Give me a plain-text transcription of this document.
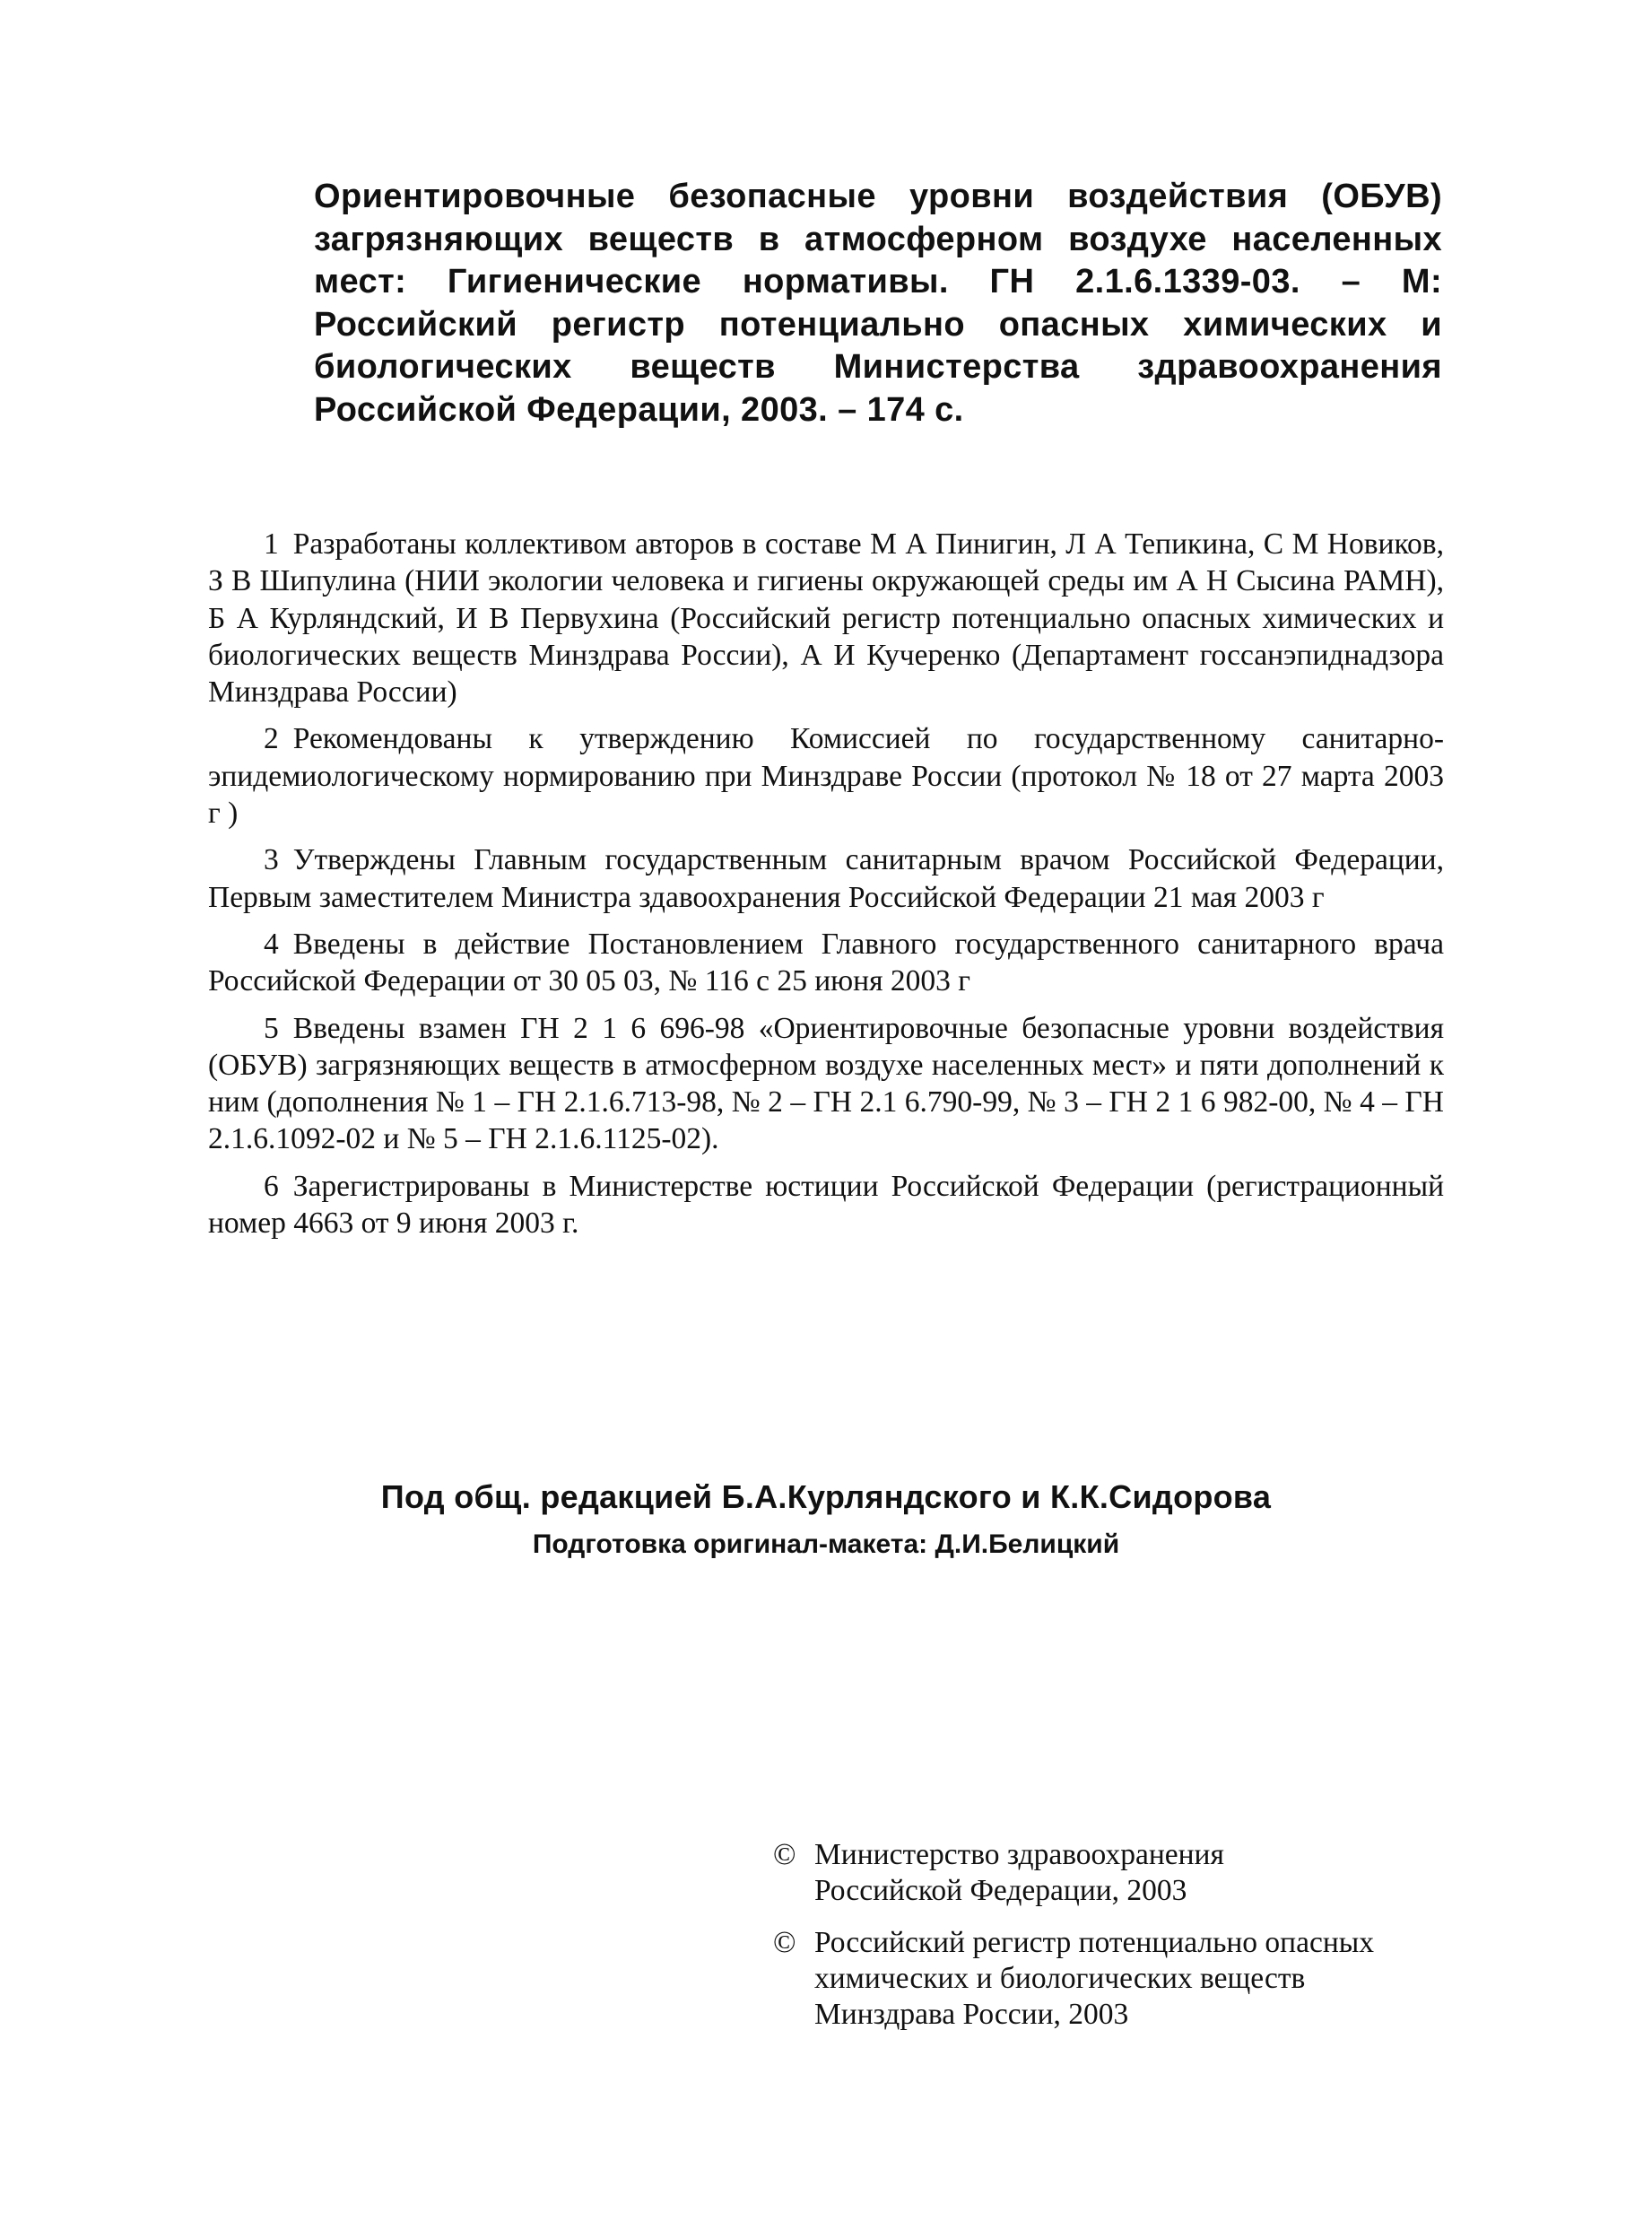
Ориентировочные безопасные уровни воздействия (ОБУВ) загрязняющих веществ в атмосферном воздухе населенных мест: Гигиенические нормативы. ГН 2.1.6.1339-03. – М: Российский регистр потенциально опасных химических и биологических веществ Министерства здравоохранения Российской Федерации, 2003. – 174 с.

1 Разработаны коллективом авторов в составе М А Пинигин, Л А Тепикина, С М Новиков, З В Шипулина (НИИ экологии человека и гигиены окружающей среды им А Н Сысина РАМН), Б А Курляндский, И В Первухина (Российский регистр потенциально опасных химических и биологических веществ Минздрава России), А И Кучеренко (Департамент госсанэпиднадзора Минздрава России)

2 Рекомендованы к утверждению Комиссией по государственному санитарно-эпидемиологическому нормированию при Минздраве России (протокол № 18 от 27 марта 2003 г )

3 Утверждены Главным государственным санитарным врачом Российской Федерации, Первым заместителем Министра здавоохранения Российской Федерации 21 мая 2003 г

4 Введены в действие Постановлением Главного государственного санитарного врача Российской Федерации от 30 05 03, № 116 с 25 июня 2003 г

5 Введены взамен ГН 2 1 6 696-98 «Ориентировочные безопасные уровни воздействия (ОБУВ) загрязняющих веществ в атмосферном воздухе населенных мест» и пяти дополнений к ним (дополнения № 1 – ГН 2.1.6.713-98, № 2 – ГН 2.1 6.790-99, № 3 – ГН 2 1 6 982-00, № 4 – ГН 2.1.6.1092-02 и № 5 – ГН 2.1.6.1125-02).

6 Зарегистрированы в Министерстве юстиции Российской Федерации (регистрационный номер 4663 от 9 июня 2003 г.

Под общ. редакцией Б.А.Курляндского и К.К.Сидорова
Подготовка оригинал-макета: Д.И.Белицкий
© Министерство здравоохранения
Российской Федерации, 2003
© Российский регистр потенциально опасных
химических и биологических веществ
Минздрава России, 2003
